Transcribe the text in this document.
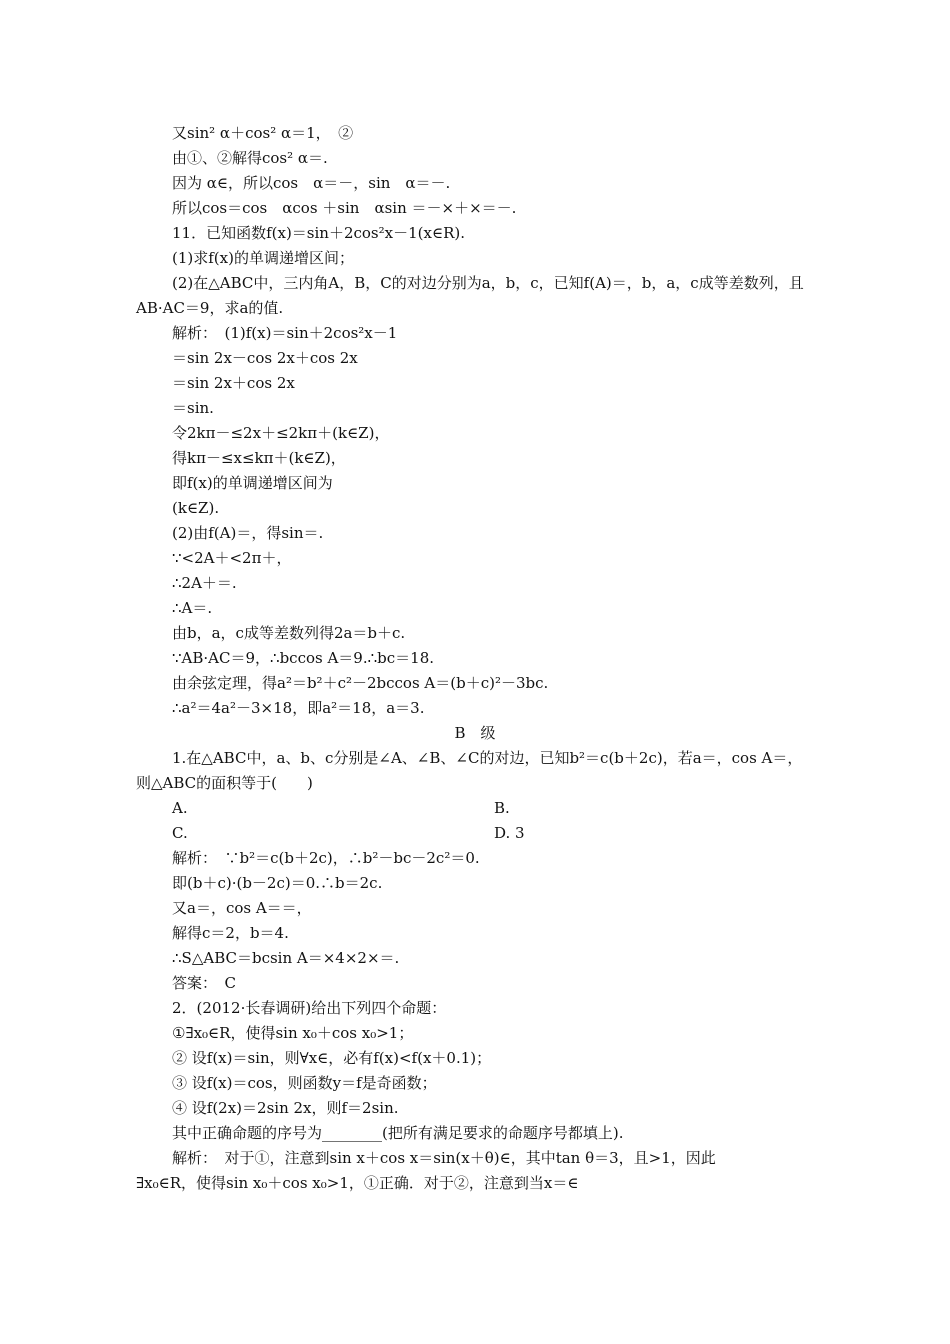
又sin² α＋cos² α＝1，　②
由①、②解得cos² α＝.
因为 α∈，所以cos　α＝－，sin　α＝－.
所以cos＝cos　αcos ＋sin　αsin ＝－×＋×＝－.
11．已知函数f(x)＝sin＋2cos²x－1(x∈R).
(1)求f(x)的单调递增区间；
(2)在△ABC中，三内角A，B，C的对边分别为a，b，c，已知f(A)＝，b，a，c成等差数列，且
AB·AC＝9，求a的值.
解析：　(1)f(x)＝sin＋2cos²x－1
＝sin 2x－cos 2x＋cos 2x
＝sin 2x＋cos 2x
＝sin.
令2kπ－≤2x＋≤2kπ＋(k∈Z)，
得kπ－≤x≤kπ＋(k∈Z)，
即f(x)的单调递增区间为
(k∈Z).
(2)由f(A)＝，得sin＝.
∵<2A＋<2π＋，
∴2A＋＝.
∴A＝.
由b，a，c成等差数列得2a＝b＋c.
∵AB·AC＝9，∴bccos A＝9.∴bc＝18.
由余弦定理，得a²＝b²＋c²－2bccos A＝(b＋c)²－3bc.
∴a²＝4a²－3×18，即a²＝18，a＝3.
B　级
1.在△ABC中，a、b、c分别是∠A、∠B、∠C的对边，已知b²＝c(b＋2c)，若a＝，cos A＝，
则△ABC的面积等于(　　)
A.	B.
C.	D. 3
解析：　∵b²＝c(b＋2c)，∴b²－bc－2c²＝0.
即(b＋c)·(b－2c)＝0.∴b＝2c.
又a＝，cos A＝＝，
解得c＝2，b＝4.
∴S△ABC＝bcsin A＝×4×2×＝.
答案：　C
2．(2012·长春调研)给出下列四个命题：
①∃x₀∈R，使得sin x₀＋cos x₀>1；
② 设f(x)＝sin，则∀x∈，必有f(x)<f(x＋0.1)；
③ 设f(x)＝cos，则函数y＝f是奇函数；
④ 设f(2x)＝2sin 2x，则f＝2sin.
其中正确命题的序号为________(把所有满足要求的命题序号都填上).
解析：　对于①，注意到sin x＋cos x＝sin(x＋θ)∈，其中tan θ＝3，且>1，因此
∃x₀∈R，使得sin x₀＋cos x₀>1，①正确．对于②，注意到当x＝∈
